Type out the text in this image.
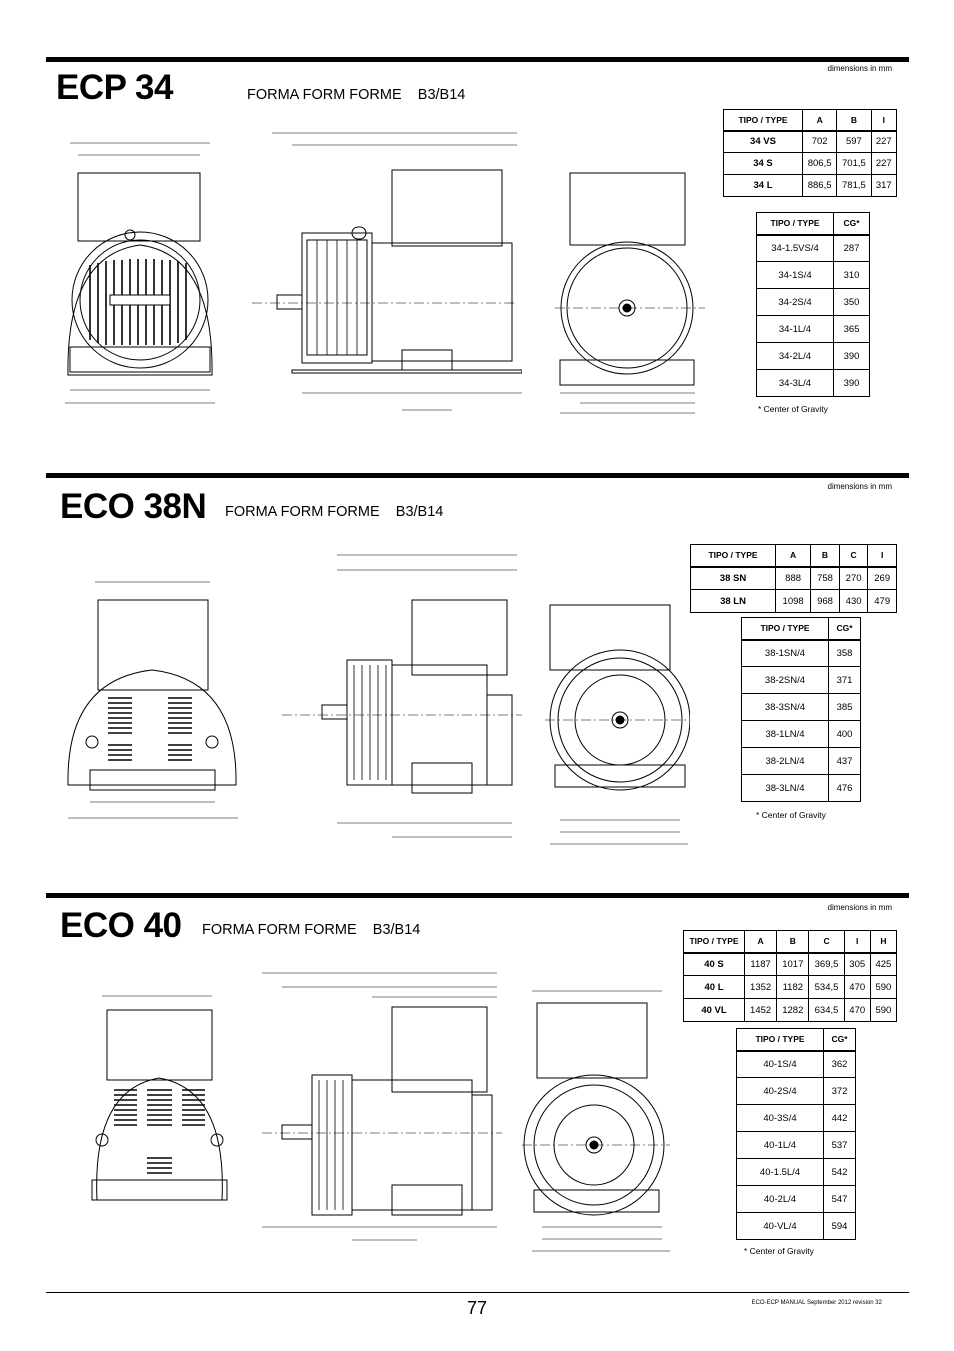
dimensions in mm
ECP 34	FORMA FORM FORME B3/B14
TIPO / TYPE	A	B	I
34 VS	702	597	227
34 S	806,5	701,5	227
34 L	886,5	781,5	317
TIPO / TYPE	CG*
34-1.5VS/4	287
34-1S/4	310
34-2S/4	350
34-1L/4	365
34-2L/4	390
34-3L/4	390
* Center of Gravity
dimensions in mm
ECO 38N FORMA FORM FORME B3/B14
TIPO / TYPE	A	B	C	I
38 SN	888	758	270	269
38 LN	1098	968	430	479
TIPO / TYPE	CG*
38-1SN/4	358
38-2SN/4	371
38-3SN/4	385
38-1LN/4	400
38-2LN/4	437
38-3LN/4	476
* Center of Gravity
dimensions in mm
ECO 40 FORMA FORM FORME B3/B14
TIPO / TYPE	A	B	C	I	H
40 S	1187	1017	369,5	305	425
40 L	1352	1182	534,5	470	590
40 VL	1452	1282	634,5	470	590
TIPO / TYPE	CG*
40-1S/4	362
40-2S/4	372
40-3S/4	442
40-1L/4	537
40-1.5L/4	542
40-2L/4	547
40-VL/4	594
* Center of Gravity
77	ECO-ECP MANUAL September 2012 revision 32
